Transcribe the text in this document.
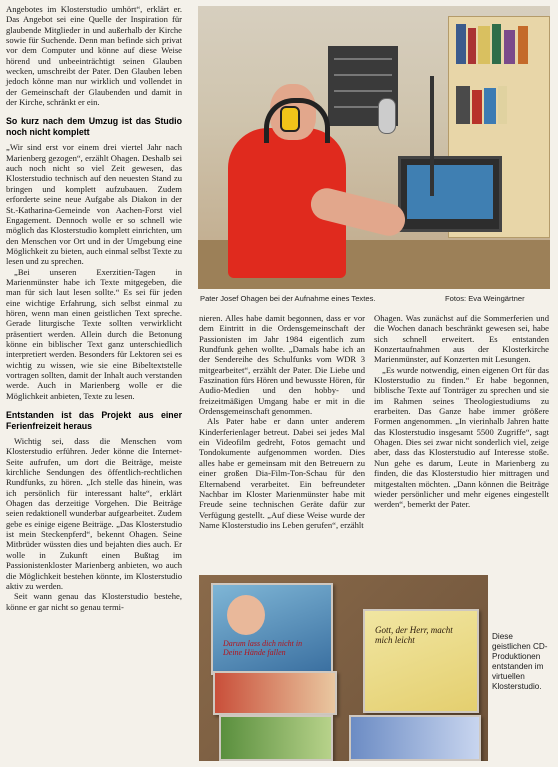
Angebotes im Klosterstudio umhört“, erklärt er. Das Angebot sei eine Quelle der Inspiration für glaubende Mitglieder in und außerhalb der Kirche sowie für Suchende. Denn man befinde sich privat vor dem Computer und könne auf diese Weise hörend und unbeeinträchtigt seinen Glauben wecken, umschreibt der Pater. Den Glauben leben jedoch könne man nur wirklich und vollendet in der Gemeinschaft der Glaubenden und damit in der Kirche, schränkt er ein.

So kurz nach dem Umzug ist das Studio noch nicht komplett

„Wir sind erst vor einem drei viertel Jahr nach Marienberg gezogen“, erzählt Ohagen. Deshalb sei auch noch nicht so viel Zeit gewesen, das Klosterstudio technisch auf den neuesten Stand zu bringen und komplett aufzubauen. Zudem erforderte seine neue Aufgabe als Diakon in der St.-Katharina-Gemeinde von Aachen-Forst viel Engagement. Dennoch wolle er so schnell wie möglich das Klosterstudio komplett einrichten, um den Menschen vor Ort und in der Umgebung eine Möglichkeit zu bieten, auch einmal selbst Texte zu lesen und zu sprechen.

„Bei unseren Exerzitien-Tagen in Marienmünster habe ich Texte mitgegeben, die man für sich laut lesen sollte.“ Es sei für jeden eine wichtige Erfahrung, sich selbst einmal zu hören, wenn man einen geistlichen Text spreche. Gerade liturgische Texte sollten verwirklicht präsentiert werden. Allein durch die Betonung könne ein biblischer Text ganz unterschiedlich interpretiert werden. Besonders für Lektoren sei es wichtig zu wissen, wie sie eine Bibeltextstelle vortragen sollten, damit der Inhalt auch verstanden werde. Auch in Marienberg wolle er die Möglichkeit anbieten, Texte zu lesen.

Entstanden ist das Projekt aus einer Ferienfreizeit heraus

Wichtig sei, dass die Menschen vom Klosterstudio erführen. Jeder könne die Internet-Seite aufrufen, um dort die Beiträge, meiste kirchliche Sendungen des öffentlich-rechtlichen Rundfunks, zu hören. „Ich stelle das hinein, was ich persönlich für interessant halte“, erklärt Ohagen das derzeitige Vorgehen. Die Beiträge seien redaktionell wunderbar aufgearbeitet. Zudem gebe es einige eigene Beiträge. „Das Klosterstudio ist mein Steckenpferd“, bekennt Ohagen. Seine Mitbrüder wüssten dies und bejahten dies auch. Er wolle in Zukunft einen Bußtag im Passionistenkloster Marienberg anbieten, wo auch die Möglichkeit bestehen könnte, im Klosterstudio aktiv zu werden.

Seit wann genau das Klosterstudio bestehe, könne er gar nicht so genau termi-

Pater Josef Ohagen bei der Aufnahme eines Textes.	Fotos: Eva Weingärtner

nieren. Alles habe damit begonnen, dass er vor dem Eintritt in die Ordensgemeinschaft der Passionisten im Jahr 1984 eigentlich zum Rundfunk gehen wollte. „Damals habe ich an der Sendereihe des Schulfunks vom WDR 3 mitgearbeitet“, erzählt der Pater. Die Liebe und Faszination fürs Hören und bewusste Hören, für Audio-Medien und den hobby- und freizeitmäßigen Umgang habe er mit in die Ordensgemeinschaft genommen.

Als Pater habe er dann unter anderem Kinderferienlager betreut. Dabei sei jedes Mal ein Videofilm gedreht, Fotos gemacht und Tondokumente aufgenommen worden. Dies alles habe er gemeinsam mit den Betreuern zu einer großen Dia-Film-Ton-Schau für den Elternabend verarbeitet. Ein befreundeter Nachbar im Kloster Marienmünster habe mit Freude seine technischen Geräte dafür zur Verfügung gestellt. „Auf diese Weise wurde der Name Klosterstudio ins Leben gerufen“, erzählt

Ohagen. Was zunächst auf die Sommerferien und die Wochen danach beschränkt gewesen sei, habe sich schnell erweitert. Es entstanden Konzertaufnahmen aus der Klosterkirche Marienmünster, auf Konzerten mit Lesungen.

„Es wurde notwendig, einen eigenen Ort für das Klosterstudio zu finden.“ Er habe begonnen, biblische Texte auf Tonträger zu sprechen und sie im Rahmen seines Theologiestudiums zu erarbeiten. Das Ganze habe immer größere Formen angenommen. „In vierinhalb Jahren hatte das Klosterstudio insgesamt 5500 Zugriffe“, sagt Ohagen. Dies sei zwar nicht sonderlich viel, zeige aber, dass das Klosterstudio auf Interesse stoße. Nun gehe es darum, Leute in Marienberg zu finden, die das Klosterstudio hier mittragen und mitgestalten möchten. „Dann können die Beiträge wieder persönlicher und mehr eigenes eingestellt werden“, bemerkt der Pater.

Darum lass dich nicht in Deine Hände fallen
Gott, der Herr, macht mich leicht	Diese geistlichen CD-Produktionen entstanden im virtuellen Klosterstudio.
